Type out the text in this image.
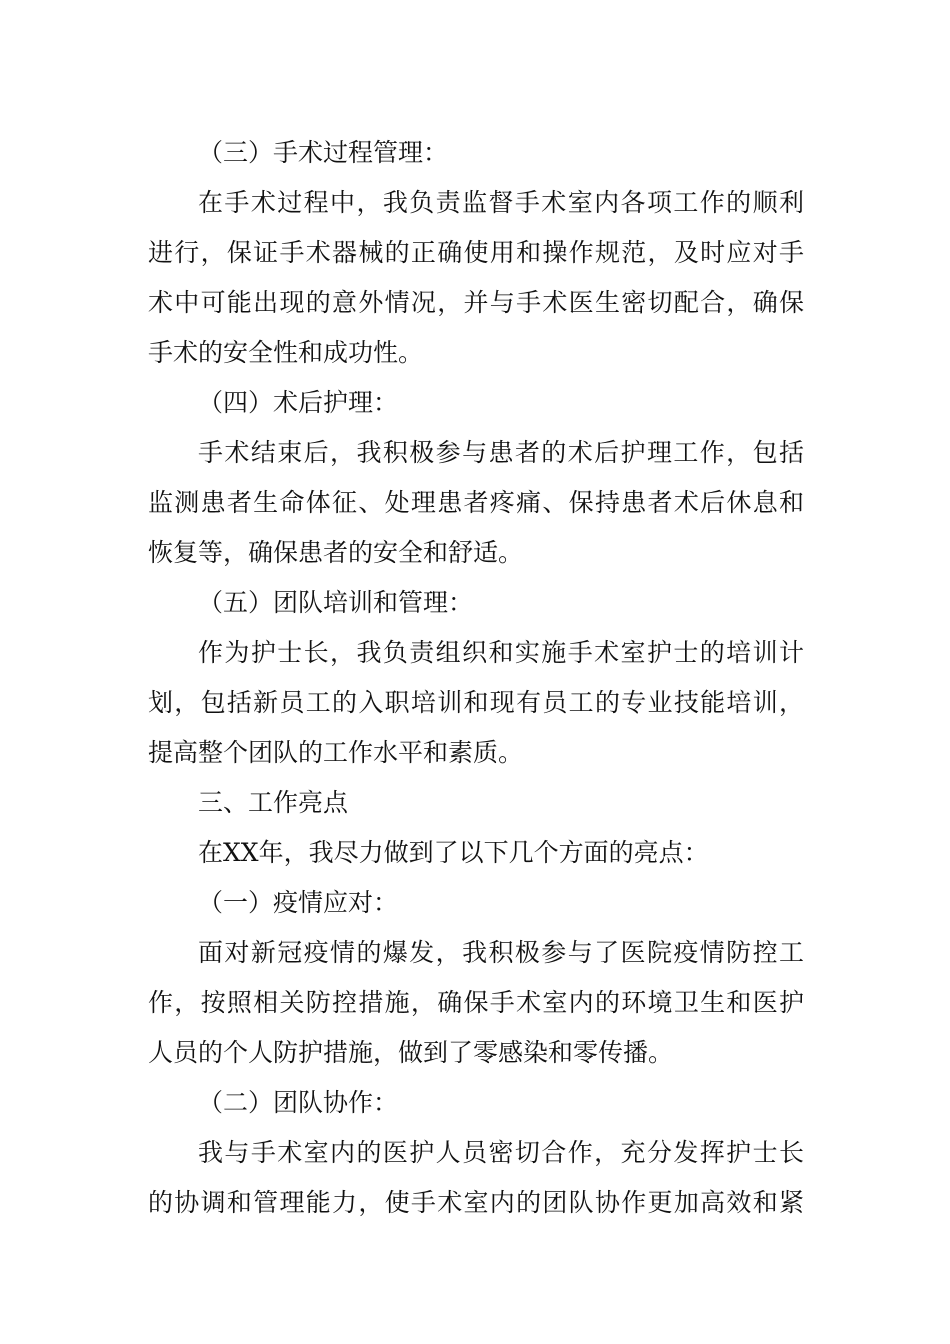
（三）手术过程管理：
在手术过程中，我负责监督手术室内各项工作的顺利
进行，保证手术器械的正确使用和操作规范，及时应对手
术中可能出现的意外情况，并与手术医生密切配合，确保
手术的安全性和成功性。
（四）术后护理：
手术结束后，我积极参与患者的术后护理工作，包括
监测患者生命体征、处理患者疼痛、保持患者术后休息和
恢复等，确保患者的安全和舒适。
（五）团队培训和管理：
作为护士长，我负责组织和实施手术室护士的培训计
划，包括新员工的入职培训和现有员工的专业技能培训，
提高整个团队的工作水平和素质。
三、工作亮点
在XX年，我尽力做到了以下几个方面的亮点：
（一）疫情应对：
面对新冠疫情的爆发，我积极参与了医院疫情防控工
作，按照相关防控措施，确保手术室内的环境卫生和医护
人员的个人防护措施，做到了零感染和零传播。
（二）团队协作：
我与手术室内的医护人员密切合作，充分发挥护士长
的协调和管理能力，使手术室内的团队协作更加高效和紧
